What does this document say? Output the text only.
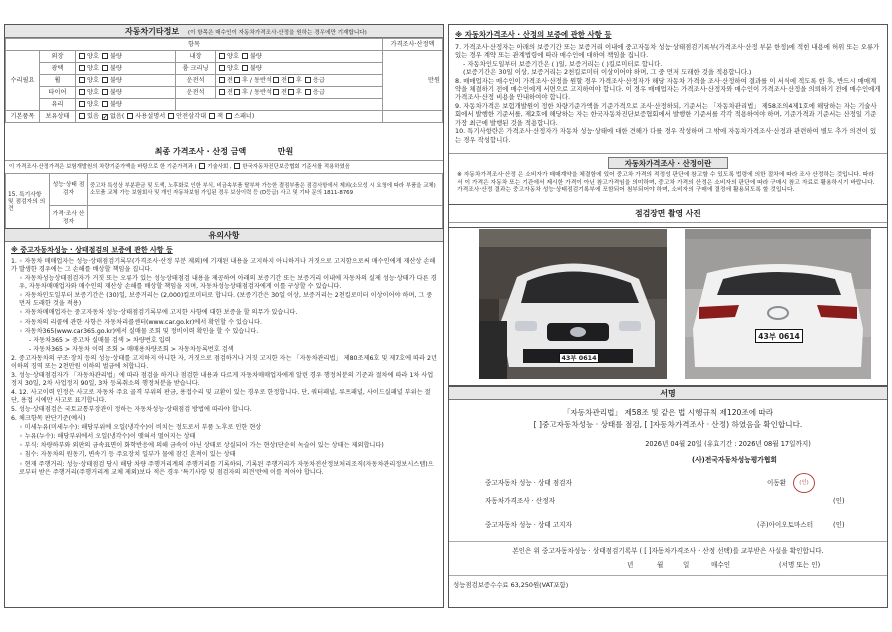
자동차기타정보 (이 항목은 매수인이 자동차가격조사·산정을 원하는 경우에만 기재합니다)
항목					가격조사·산정액
수리필요	외장	양호 불량	내장	양호 불량	만원
	광택	양호 불량	룸 크리닝	양호 불량	
	휠	양호 불량	운전석	전 후 / 동반석 전 후 응급	
	타이어	양호 불량	운전석	전 후 / 동반석 전 후 응급	
	유리	양호 불량			
기본품목	보유상태	있음 ✓ 없음( 사용설명서 안전삼각대 잭 스패너)	
최종 가격조사 · 산정 금액	만원
이 가격조사·산정가격은 보험개발원의 차량기준가액을 바탕으로 한 기준가격과 ( 기술사회 , 한국자동차진단보증협회 기준서를 적용하였음
15. 특기사항 및 점검자의 의견	성능·상태 점검자	중고차 특성상 부분판금 및 도색, 노후화로 인한 부식, 비금속부품 탈부착 가능한 결점부품은 점검사항에서 제외(소모성 시 요청에 따라 부품을 교체) 소모품 교체 가능 보험회사 및 개인 자동차보험 가입된 경우 보상이력 등 (D등급) 사고 및 기타 문의 1811-8769
	가격·조사 산정자	
유의사항

※ 중고자동차성능 · 상태점검의 보증에 관한 사항 등

1. ◦ 자동차 매매업자는 성능·상태점검기록부(가격조사·산정 부분 제외)에 기재된 내용을 고지하지 아니하거나 거짓으로 고지함으로써 매수인에게 재산상 손해가 발생한 경우에는 그 손해를 배상할 책임을 집니다.

◦ 자동차성능상태점검자가 거짓 또는 오류가 있는 성능상태점검 내용을 제공하여 아래의 보증기간 또는 보증거리 이내에 자동차의 실제 성능·상태가 다른 경우, 자동차매매업자와 매수인의 재산상 손해를 배상할 책임을 지며, 자동차성능상태점검자에게 이를 구상할 수 있습니다.

◦ 자동차인도일부터 보증기간은 (30)일, 보증거리는 (2,000)킬로미터로 합니다. (보증기간은 30일 이상, 보증거리는 2천킬로미터 이상이어야 하며, 그 중 먼저 도래한 것을 적용)

◦ 자동차매매업자는 중고자동차 성능·상태점검기록부에 고지한 사항에 대한 보증을 할 의무가 있습니다.

◦ 자동차의 리콜에 관한 사항은 자동차리콜센터(www.car.go.kr)에서 확인할 수 있습니다.

◦ 자동차365(www.car365.go.kr)에서 실매물 조회 및 정비이력 확인을 할 수 있습니다.

- 자동차365 > 중고차 실매물 검색 > 차량번호 입력

- 자동차365 > 자동차 이력 조회 > 매매용차량조회 > 자동차등록번호 검색

2. 중고자동차의 구조·장치 등의 성능·상태를 고지하지 아니한 자, 거짓으로 점검하거나 거짓 고지한 자는 「자동차관리법」 제80조제6호 및 제7호에 따라 2년 이하의 징역 또는 2천만원 이하의 벌금에 처합니다.

3. 성능·상태점검자가 「자동차관리법」에 따라 점검을 하거나 점검한 내용과 다르게 자동차매매업자에게 알린 경우 행정처분의 기준과 절차에 따라 1차 사업정지 30일, 2차 사업정지 90일, 3차 등록취소의 행정처분을 받습니다.

4. 12. 사고이력 인정은 사고로 자동차 주요 골격 부위의 판금, 용접수리 및 교환이 있는 경우로 한정합니다. 단, 쿼터패널, 루프패널, 사이드실패널 부위는 절단, 용접 시에만 사고로 표기합니다.

5. 성능·상태점검은 국토교통부장관이 정하는 자동차성능·상태점검 방법에 따라야 합니다.

6. 체크항목 판단기준(예시)

◦ 미세누유(미세누수): 해당부위에 오일(냉각수)이 비치는 정도로서 부품 노후로 인한 현상

◦ 누유(누수): 해당부위에서 오일(냉각수)이 맺혀서 떨어지는 상태

◦ 부식: 차량하부와 외판의 금속표면이 화학반응에 의해 금속이 아닌 상태로 상실되어 가는 현상(단순히 녹슬어 있는 상태는 제외합니다)

◦ 침수: 자동차의 원동기, 변속기 등 주요장치 일부가 물에 잠긴 흔적이 있는 상태

◦ 현재 주행거리: 성능·상태점검 당시 해당 차량 주행거리계의 주행거리를 기록하되, 기록된 주행거리가 자동차전산정보처리조직(자동차관리정보시스템)으로부터 받은 주행거리(주행거리계 교체 제외)보다 적은 경우 '특기사항 및 점검자의 의견'란에 이를 적어야 합니다.

※ 자동차가격조사 · 산정의 보증에 관한 사항 등

7. 가격조사·산정자는 아래의 보증기간 또는 보증거리 이내에 중고자동차 성능·상태점검기록부(가격조사·산정 부분 한정)에 적힌 내용에 허위 또는 오류가 있는 경우 계약 또는 관계법령에 따라 매수인에 대하여 책임을 집니다.

- 자동차인도일부터 보증기간은 ( )일, 보증거리는 ( )킬로미터로 합니다.

(보증기간은 30일 이상, 보증거리는 2천킬로미터 이상이어야 하며, 그 중 먼저 도래한 것을 적용합니다.)

8. 매매업자는 매수인이 가격조사·산정을 원할 경우 가격조사·산정자가 해당 자동차 가격을 조사·산정하여 결과를 이 서식에 적도록 한 후, 반드시 매매계약을 체결하기 전에 매수인에게 서면으로 고지하여야 합니다. 이 경우 매매업자는 가격조사·산정자와 매수인이 가격조사·산정을 의뢰하기 전에 매수인에게 가격조사·산정 비용을 안내하여야 합니다.

9. 자동차가격은 보험개발원이 정한 차량기준가액을 기준가격으로 조사·산정하되, 기준서는 「자동차관리법」 제58조의4제1호에 해당하는 자는 기술사회에서 발행한 기준서를, 제2호에 해당하는 자는 한국자동차진단보증협회에서 발행한 기준서를 각각 적용하여야 하며, 기준가격과 기준서는 산정일 기준 가장 최근에 발행된 것을 적용합니다.

10. 특기사항란은 가격조사·산정자가 자동차 성능·상태에 대한 견해가 다를 경우 작성하며 그 밖에 자동차가격조사·산정과 관련하여 별도 추가 의견이 있는 경우 작성합니다.

자동차가격조사 · 산정이란

※ 자동차가격조사·산정 은 소비자가 매매계약을 체결함에 있어 중고차 가격의 적정성 판단에 참고할 수 있도록 법령에 의한 절차에 따라 조사 산정하는 것입니다. 따라서 이 가격은 자동차 또는 기관에서 제시한 가격이 아닌 참고가격임을 의미하며, 중고차 가격의 산정은 소비자의 판단에 따라 구매시 참고 자료로 활용하시기 바랍니다. 가격조사·산정 결과는 중고자동차 성능·상태점검기록부에 포함되어 첨부되어야 하며, 소비자의 구매에 결정에 활용되도록 할 것입니다.

점검장면 촬영 사진
43부 0614
43부 0614
서명
「자동차관리법」 제58조 및 같은 법 시행규칙 제120조에 따라
[ ]중고자동차성능 · 상태를 점검, [ ]자동차가격조사 · 산정) 하였음을 확인합니다.
2026년 04월 20일 (유효기간 : 2026년 08월 17일까지)
(사)전국자동차성능평가협회
중고자동차 성능 · 상태 점검자	이동환	(인)
자동차가격조사 · 산정자	(인)
중고자동차 성능 · 상태 고지자	(주)아이오토마스터	(인)
본인은 위 중고자동차성능 · 상태점검기록부 ( [ ]자동차가격조사 · 산정 선택)를 교부받은 사실을 확인합니다.
년	월	일	매수인	(서명 또는 인)
성능점검보증수수료 63,250원(VAT포함)
